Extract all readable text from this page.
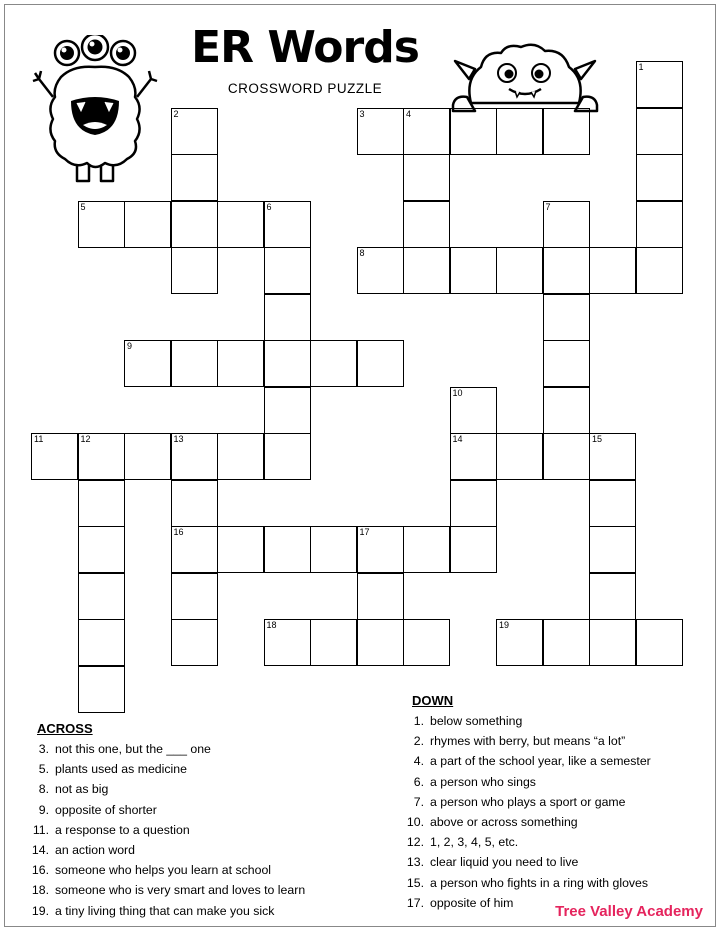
ER Words
CROSSWORD PUZZLE
3	4
5	6
8
9
11	12	13	14	15
16	17
18	19
1
2
7
10
ACROSS
3. not this one, but the ___ one
5. plants used as medicine
8. not as big
9. opposite of shorter
11. a response to a question
14. an action word
16. someone who helps you learn at school
18. someone who is very smart and loves to learn
19. a tiny living thing that can make you sick
DOWN
1. below something
2. rhymes with berry, but means “a lot”
4. a part of the school year, like a semester
6. a person who sings
7. a person who plays a sport or game
10. above or across something
12. 1, 2, 3, 4, 5, etc.
13. clear liquid you need to live
15. a person who fights in a ring with gloves
17. opposite of him
Tree Valley Academy
